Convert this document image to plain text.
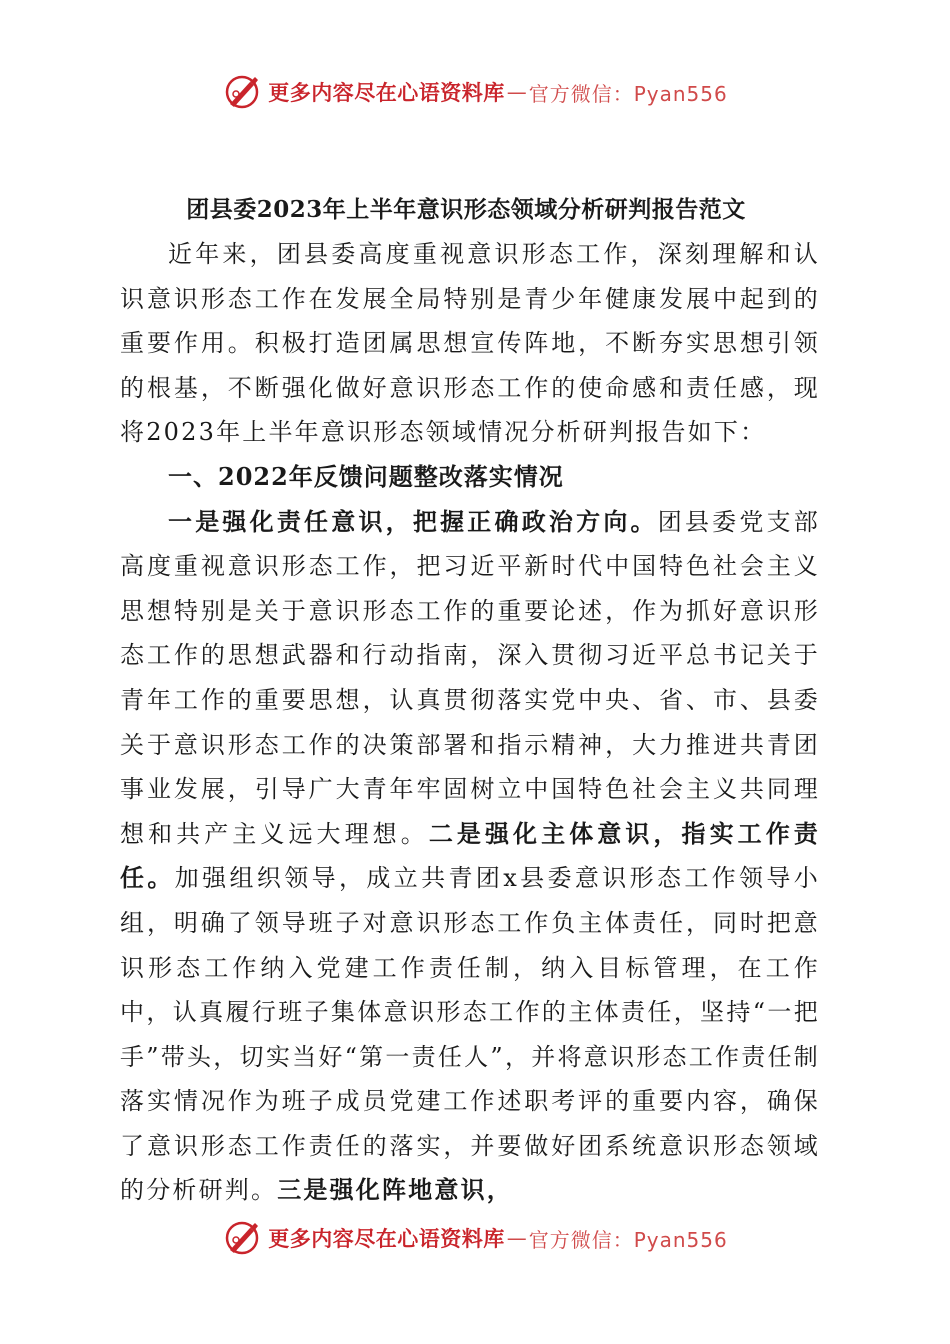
更多内容尽在心语资料库 — 官方微信：Pyan556
团县委2023年上半年意识形态领域分析研判报告范文

近年来，团县委高度重视意识形态工作，深刻理解和认识意识形态工作在发展全局特别是青少年健康发展中起到的重要作用。积极打造团属思想宣传阵地，不断夯实思想引领的根基，不断强化做好意识形态工作的使命感和责任感，现将2023年上半年意识形态领域情况分析研判报告如下：

一、2022年反馈问题整改落实情况

一是强化责任意识，把握正确政治方向。团县委党支部高度重视意识形态工作，把习近平新时代中国特色社会主义思想特别是关于意识形态工作的重要论述，作为抓好意识形态工作的思想武器和行动指南，深入贯彻习近平总书记关于青年工作的重要思想，认真贯彻落实党中央、省、市、县委关于意识形态工作的决策部署和指示精神，大力推进共青团事业发展，引导广大青年牢固树立中国特色社会主义共同理想和共产主义远大理想。二是强化主体意识，指实工作责任。加强组织领导，成立共青团x县委意识形态工作领导小组，明确了领导班子对意识形态工作负主体责任，同时把意识形态工作纳入党建工作责任制，纳入目标管理，在工作中，认真履行班子集体意识形态工作的主体责任，坚持“一把手”带头，切实当好“第一责任人”，并将意识形态工作责任制落实情况作为班子成员党建工作述职考评的重要内容，确保了意识形态工作责任的落实，并要做好团系统意识形态领域的分析研判。三是强化阵地意识，

更多内容尽在心语资料库 — 官方微信：Pyan556
